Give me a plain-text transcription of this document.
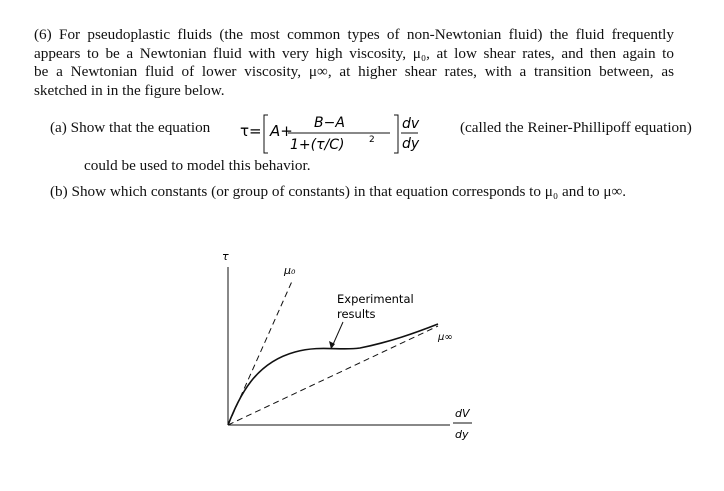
(6) For pseudoplastic fluids (the most common types of non-Newtonian fluid) the fluid frequently
appears to be a Newtonian fluid with very high viscosity, μ₀, at low shear rates, and then again to
be a Newtonian fluid of lower viscosity, μ∞, at higher shear rates, with a transition between, as
sketched in in the figure below.
(a) Show that the equation τ= A+ B−A
1+(τ/C)	2
dv
dy
(called the Reiner-Phillipoff equation)
could be used to model this behavior.
(b) Show which constants (or group of constants) in that equation corresponds to μ₀ and to μ∞.
τ
μ₀
μ∞
Experimental
results
dV
dy
